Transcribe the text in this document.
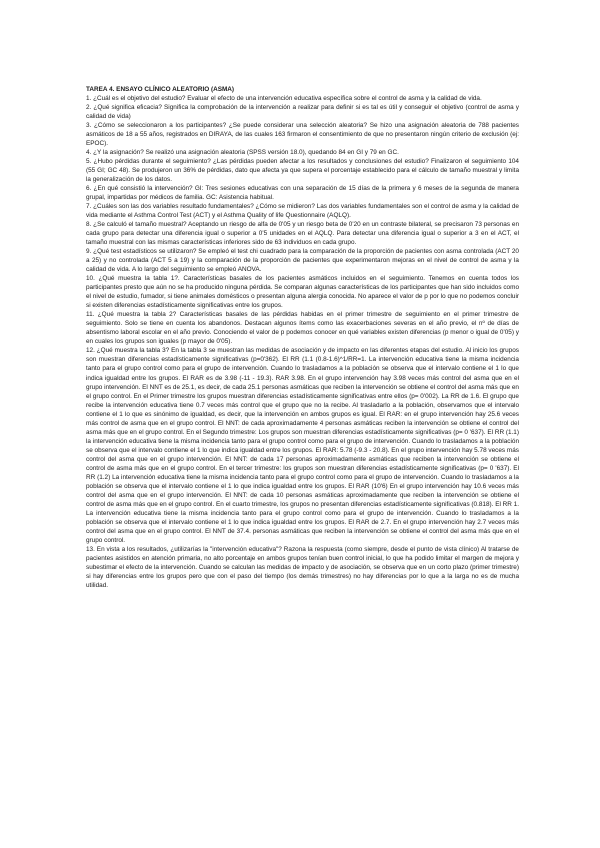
TAREA 4. ENSAYO CLÍNICO ALEATORIO (ASMA)

1. ¿Cuál es el objetivo del estudio? Evaluar el efecto de una intervención educativa específica sobre el control de asma y la calidad de vida.

2. ¿Qué significa eficacia? Significa la comprobación de la intervención a realizar para definir si es tal es útil y conseguir el objetivo (control de asma y calidad de vida)

3. ¿Cómo se seleccionaron a los participantes? ¿Se puede considerar una selección aleatoria? Se hizo una asignación aleatoria de 788 pacientes asmáticos de 18 a 55 años, registrados en DIRAYA, de las cuales 163 firmaron el consentimiento de que no presentaron ningún criterio de exclusión (ej: EPOC).

4. ¿Y la asignación? Se realizó una asignación aleatoria (SPSS versión 18.0), quedando 84 en GI y 79 en GC.

5. ¿Hubo pérdidas durante el seguimiento? ¿Las pérdidas pueden afectar a los resultados y conclusiones del estudio? Finalizaron el seguimiento 104 (55 GI; GC 48). Se produjeron un 36% de pérdidas, dato que afecta ya que supera el porcentaje establecido para el cálculo de tamaño muestral y limita la generalización de los datos.

6. ¿En qué consistió la intervención? GI: Tres sesiones educativas con una separación de 15 días de la primera y 6 meses de la segunda de manera grupal, impartidas por médicos de familia. GC: Asistencia habitual.

7. ¿Cuáles son las dos variables resultado fundamentales? ¿Cómo se midieron? Las dos variables fundamentales son el control de asma y la calidad de vida mediante el Asthma Control Test (ACT) y el Asthma Quality of life Questionnaire (AQLQ).

8. ¿Se calculó el tamaño muestral? Aceptando un riesgo de alfa de 0'05 y un riesgo beta de 0'20 en un contraste bilateral, se precisaron 73 personas en cada grupo para detectar una diferencia igual o superior a 0'5 unidades en el AQLQ. Para detectar una diferencia igual o superior a 3 en el ACT, el tamaño muestral con las mismas características inferiores sido de 63 individuos en cada grupo.

9. ¿Qué test estadísticos se utilizaron? Se empleó el test chi cuadrado para la comparación de la proporción de pacientes con asma controlada (ACT 20 a 25) y no controlada (ACT 5 a 19) y la comparación de la proporción de pacientes que experimentaron mejoras en el nivel de control de asma y la calidad de vida. A lo largo del seguimiento se empleó ANOVA.

10. ¿Qué muestra la tabla 1?. Características basales de los pacientes asmáticos incluidos en el seguimiento. Tenemos en cuenta todos los participantes presto que aún no se ha producido ninguna pérdida. Se comparan algunas características de los participantes que han sido incluidos como el nivel de estudio, fumador, si tiene animales domésticos o presentan alguna alergia conocida. No aparece el valor de p por lo que no podemos concluir si existen diferencias estadísticamente significativas entre los grupos.

11. ¿Qué muestra la tabla 2? Características basales de las pérdidas habidas en el primer trimestre de seguimiento en el primer trimestre de seguimiento. Solo se tiene en cuenta los abandonos. Destacan algunos ítems como las exacerbaciones severas en el año previo, el nº de días de absentismo laboral escolar en el año previo. Conociendo el valor de p podemos conocer en qué variables existen diferencias (p menor o igual de 0'05) y en cuales los grupos son iguales (p mayor de 0'05).

12. ¿Qué muestra la tabla 3? En la tabla 3 se muestran las medidas de asociación y de impacto en las diferentes etapas del estudio. Al inicio los grupos son muestran diferencias estadísticamente significativas (p=0'362). El RR (1.1 (0.8-1.6)^1/RR=1. La intervención educativa tiene la misma incidencia tanto para el grupo control como para el grupo de intervención. Cuando lo trasladamos a la población se observa que el intervalo contiene el 1 lo que indica igualdad entre los grupos. El RAR es de 3.98 (-11 - 19.3). RAR 3.98. En el grupo intervención hay 3.98 veces más control del asma que en el grupo intervención. El NNT es de 25.1, es decir, de cada 25.1 personas asmáticas que reciben la intervención se obtiene el control del asma más que en el grupo control. En el Primer trimestre los grupos muestran diferencias estadísticamente significativas entre ellos (p= 0'002). La RR de 1.6. El grupo que recibe la intervención educativa tiene 0.7 veces más control que el grupo que no la recibe. Al trasladarlo a la población, observamos que el intervalo contiene el 1 lo que es sinónimo de igualdad, es decir, que la intervención en ambos grupos es igual. El RAR: en el grupo intervención hay 25.6 veces más control de asma que en el grupo control. El NNT: de cada aproximadamente 4 personas asmáticas reciben la intervención se obtiene el control del asma más que en el grupo control. En el Segundo trimestre: Los grupos son muestran diferencias estadísticamente significativas (p= 0 '637). El RR (1.1) la intervención educativa tiene la misma incidencia tanto para el grupo control como para el grupo de intervención. Cuando lo trasladamos a la población se observa que el intervalo contiene el 1 lo que indica igualdad entre los grupos. El RAR: 5.78 (-9.3 - 20.8). En el grupo intervención hay 5.78 veces más control del asma que en el grupo intervención. El NNT: de cada 17 personas aproximadamente asmáticas que reciben la intervención se obtiene el control de asma más que en el grupo control. En el tercer trimestre: los grupos son muestran diferencias estadísticamente significativas (p= 0 '637). El RR (1.2) La intervención educativa tiene la misma incidencia tanto para el grupo control como para el grupo de intervención. Cuando lo trasladamos a la población se observa que el intervalo contiene el 1 lo que indica igualdad entre los grupos. El RAR (10'6) En el grupo intervención hay 10.6 veces más control del asma que en el grupo intervención. El NNT: de cada 10 personas asmáticas aproximadamente que reciben la intervención se obtiene el control de asma más que en el grupo control. En el cuarto trimestre, los grupos no presentan diferencias estadísticamente significativas (0.818). El RR 1. La intervención educativa tiene la misma incidencia tanto para el grupo control como para el grupo de intervención. Cuando lo trasladamos a la población se observa que el intervalo contiene el 1 lo que indica igualdad entre los grupos. El RAR de 2.7. En el grupo intervención hay 2.7 veces más control del asma que en el grupo control. El NNT de 37.4. personas asmáticas que reciben la intervención se obtiene el control del asma más que en el grupo control.

13. En vista a los resultados, ¿utilizarías la "intervención educativa"? Razona la respuesta (como siempre, desde el punto de vista clínico) Al tratarse de pacientes asistidos en atención primaria, no alto porcentaje en ambos grupos tenían buen control inicial, lo que ha podido limitar el margen de mejora y subestimar el efecto de la intervención. Cuando se calculan las medidas de impacto y de asociación, se observa que en un corto plazo (primer trimestre) si hay diferencias entre los grupos pero que con el paso del tiempo (los demás trimestres) no hay diferencias por lo que a la larga no es de mucha utilidad.
